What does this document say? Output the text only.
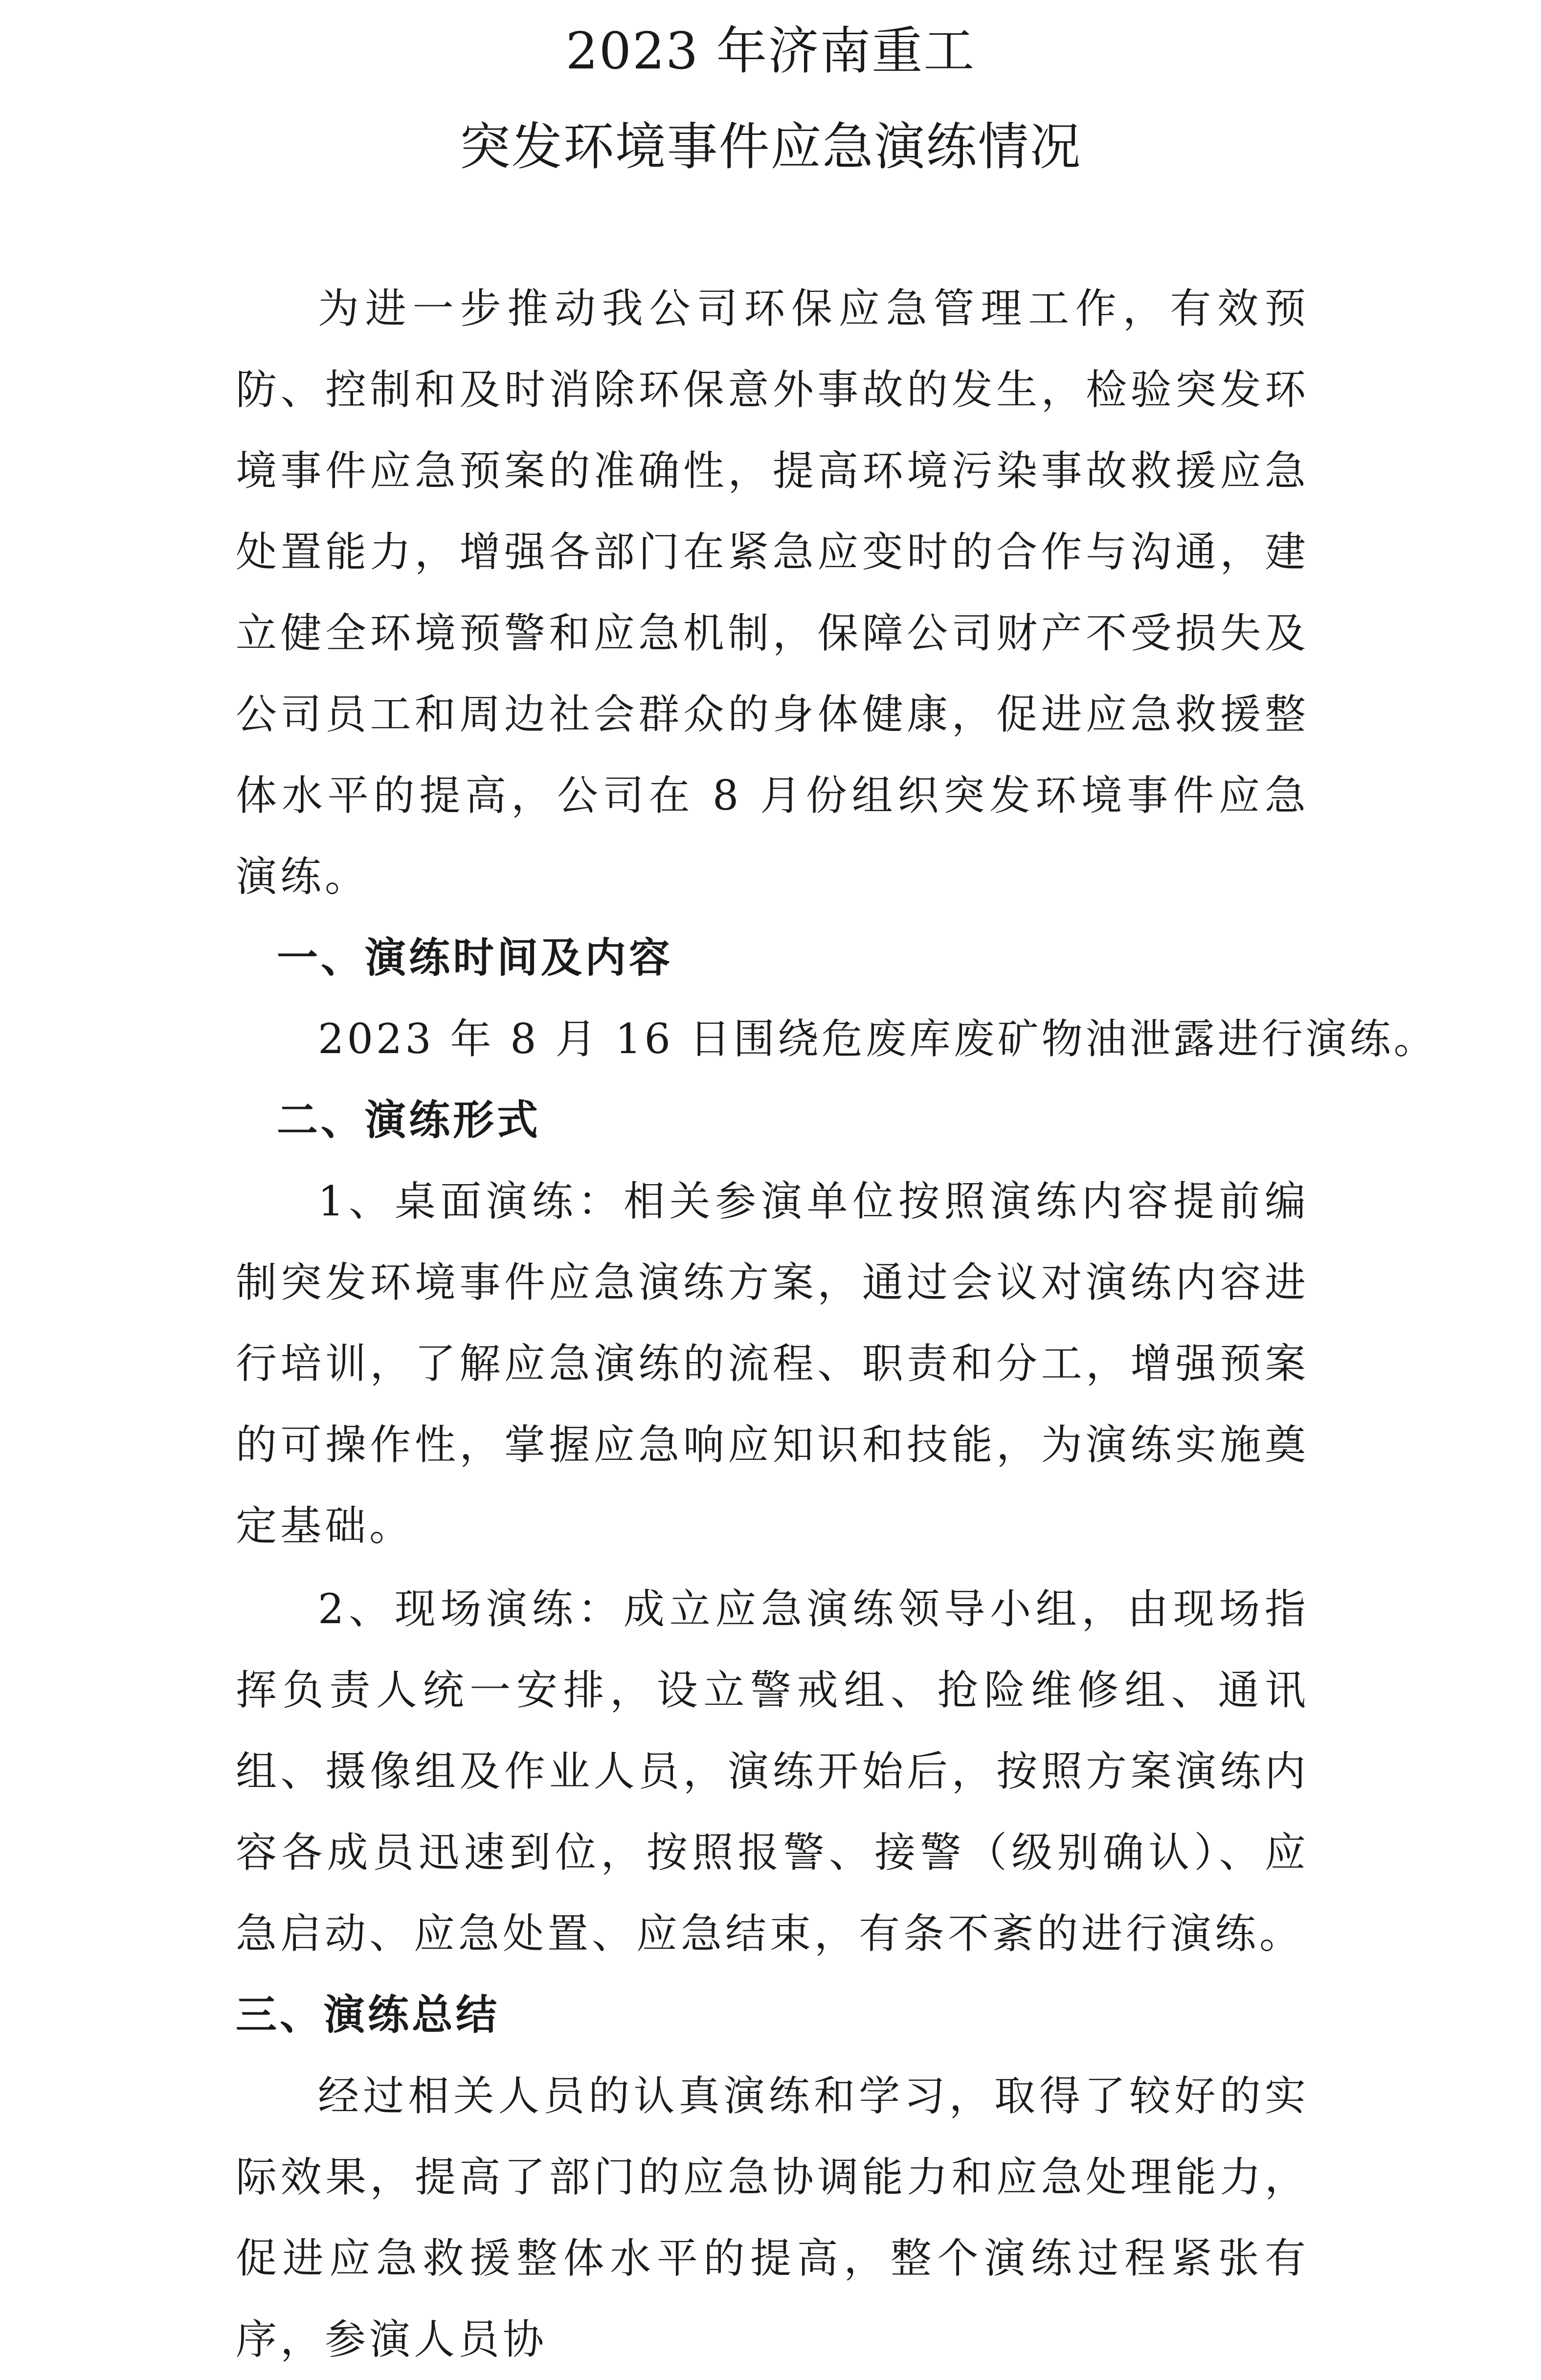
2023 年济南重工

突发环境事件应急演练情况

为进一步推动我公司环保应急管理工作，有效预防、控制和及时消除环保意外事故的发生，检验突发环境事件应急预案的准确性，提高环境污染事故救援应急处置能力，增强各部门在紧急应变时的合作与沟通，建立健全环境预警和应急机制，保障公司财产不受损失及公司员工和周边社会群众的身体健康，促进应急救援整体水平的提高，公司在 8 月份组织突发环境事件应急演练。

一、演练时间及内容

2023 年 8 月 16 日围绕危废库废矿物油泄露进行演练。

二、演练形式

1、桌面演练：相关参演单位按照演练内容提前编制突发环境事件应急演练方案，通过会议对演练内容进行培训，了解应急演练的流程、职责和分工，增强预案的可操作性，掌握应急响应知识和技能，为演练实施奠定基础。

2、现场演练：成立应急演练领导小组，由现场指挥负责人统一安排，设立警戒组、抢险维修组、通讯组、摄像组及作业人员，演练开始后，按照方案演练内容各成员迅速到位，按照报警、接警（级别确认）、应急启动、应急处置、应急结束，有条不紊的进行演练。

三、演练总结

经过相关人员的认真演练和学习，取得了较好的实际效果，提高了部门的应急协调能力和应急处理能力，促进应急救援整体水平的提高，整个演练过程紧张有序，参演人员协
